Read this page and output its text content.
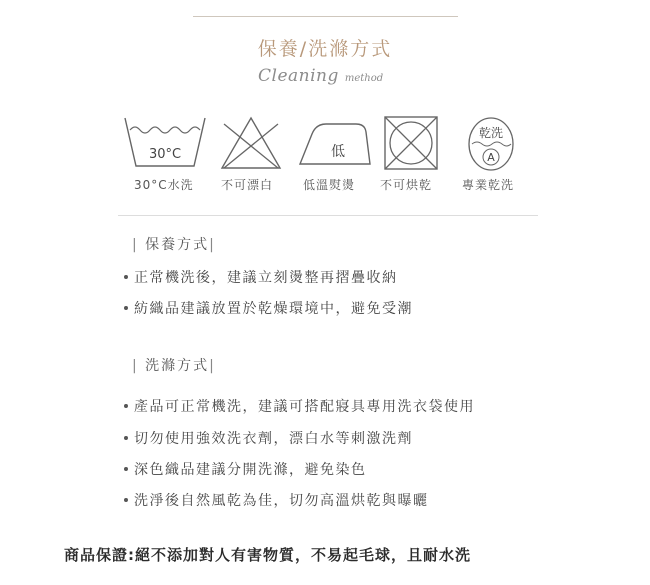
保養/洗滌方式
Cleaning method
30°C	低
乾洗
A
30°C水洗 不可漂白 低溫熨燙 不可烘乾 專業乾洗
| 保養方式|
正常機洗後，建議立刻燙整再摺疊收納
紡織品建議放置於乾燥環境中，避免受潮
| 洗滌方式|
產品可正常機洗，建議可搭配寢具專用洗衣袋使用
切勿使用強效洗衣劑，漂白水等刺激洗劑
深色織品建議分開洗滌，避免染色
洗淨後自然風乾為佳，切勿高溫烘乾與曝曬
商品保證:絕不添加對人有害物質，不易起毛球，且耐水洗
